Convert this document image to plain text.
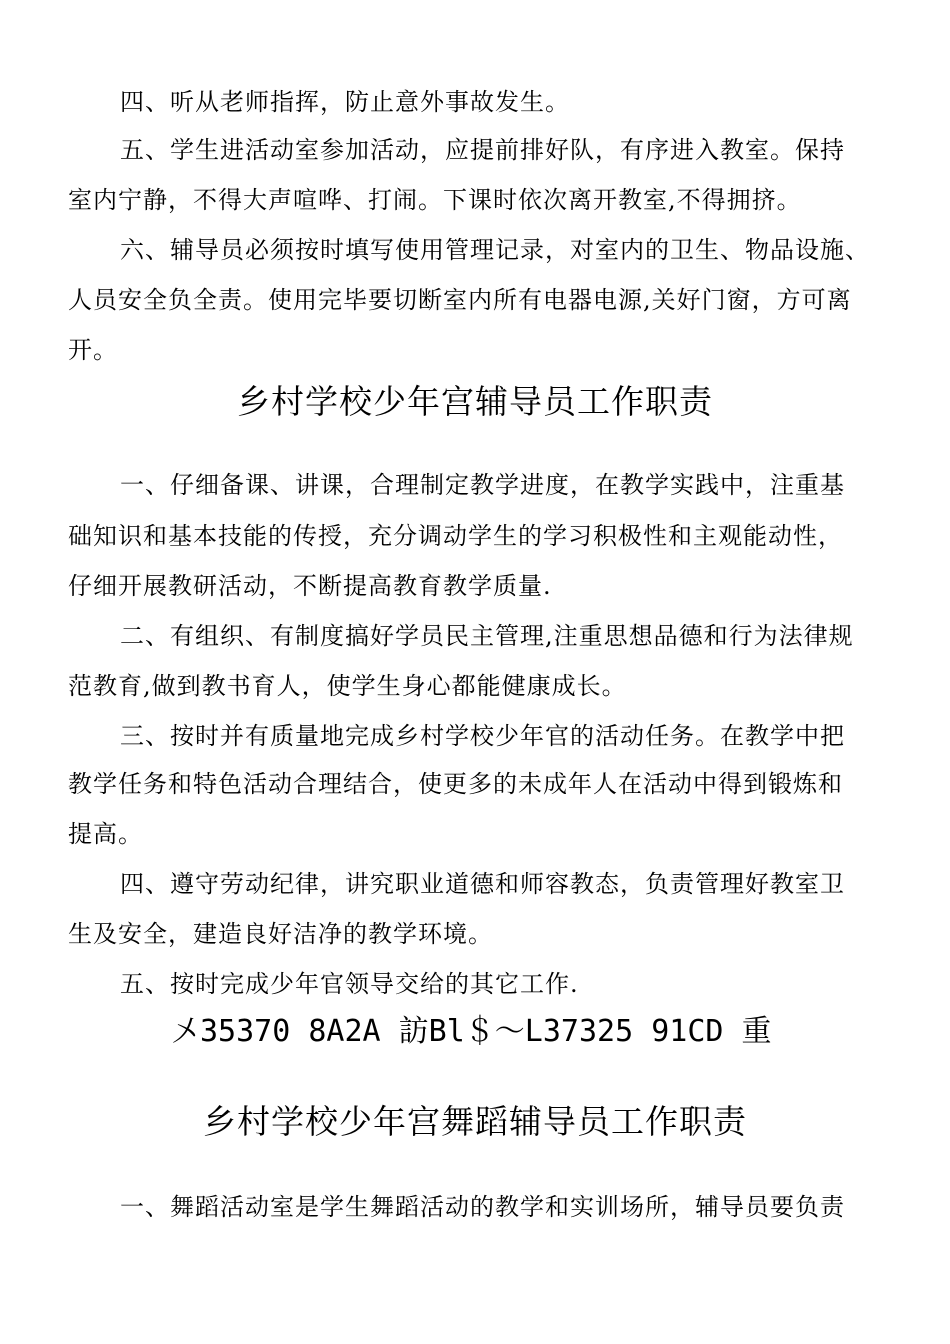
四、听从老师指挥，防止意外事故发生。
五、学生进活动室参加活动，应提前排好队，有序进入教室。保持
室内宁静，不得大声喧哗、打闹。下课时依次离开教室,不得拥挤。
六、辅导员必须按时填写使用管理记录，对室内的卫生、物品设施、
人员安全负全责。使用完毕要切断室内所有电器电源,关好门窗，方可离
开。
乡村学校少年宫辅导员工作职责
一、仔细备课、讲课，合理制定教学进度，在教学实践中，注重基
础知识和基本技能的传授，充分调动学生的学习积极性和主观能动性，
仔细开展教研活动，不断提高教育教学质量.
二、有组织、有制度搞好学员民主管理,注重思想品德和行为法律规
范教育,做到教书育人，使学生身心都能健康成长。
三、按时并有质量地完成乡村学校少年官的活动任务。在教学中把
教学任务和特色活动合理结合，使更多的未成年人在活动中得到锻炼和
提高。
四、遵守劳动纪律，讲究职业道德和师容教态，负责管理好教室卫
生及安全，建造良好洁净的教学环境。
五、按时完成少年官领导交给的其它工作.
〤35370 8A2A 訪Bl＄～L37325 91CD 重
乡村学校少年宫舞蹈辅导员工作职责
一、舞蹈活动室是学生舞蹈活动的教学和实训场所，辅导员要负责
